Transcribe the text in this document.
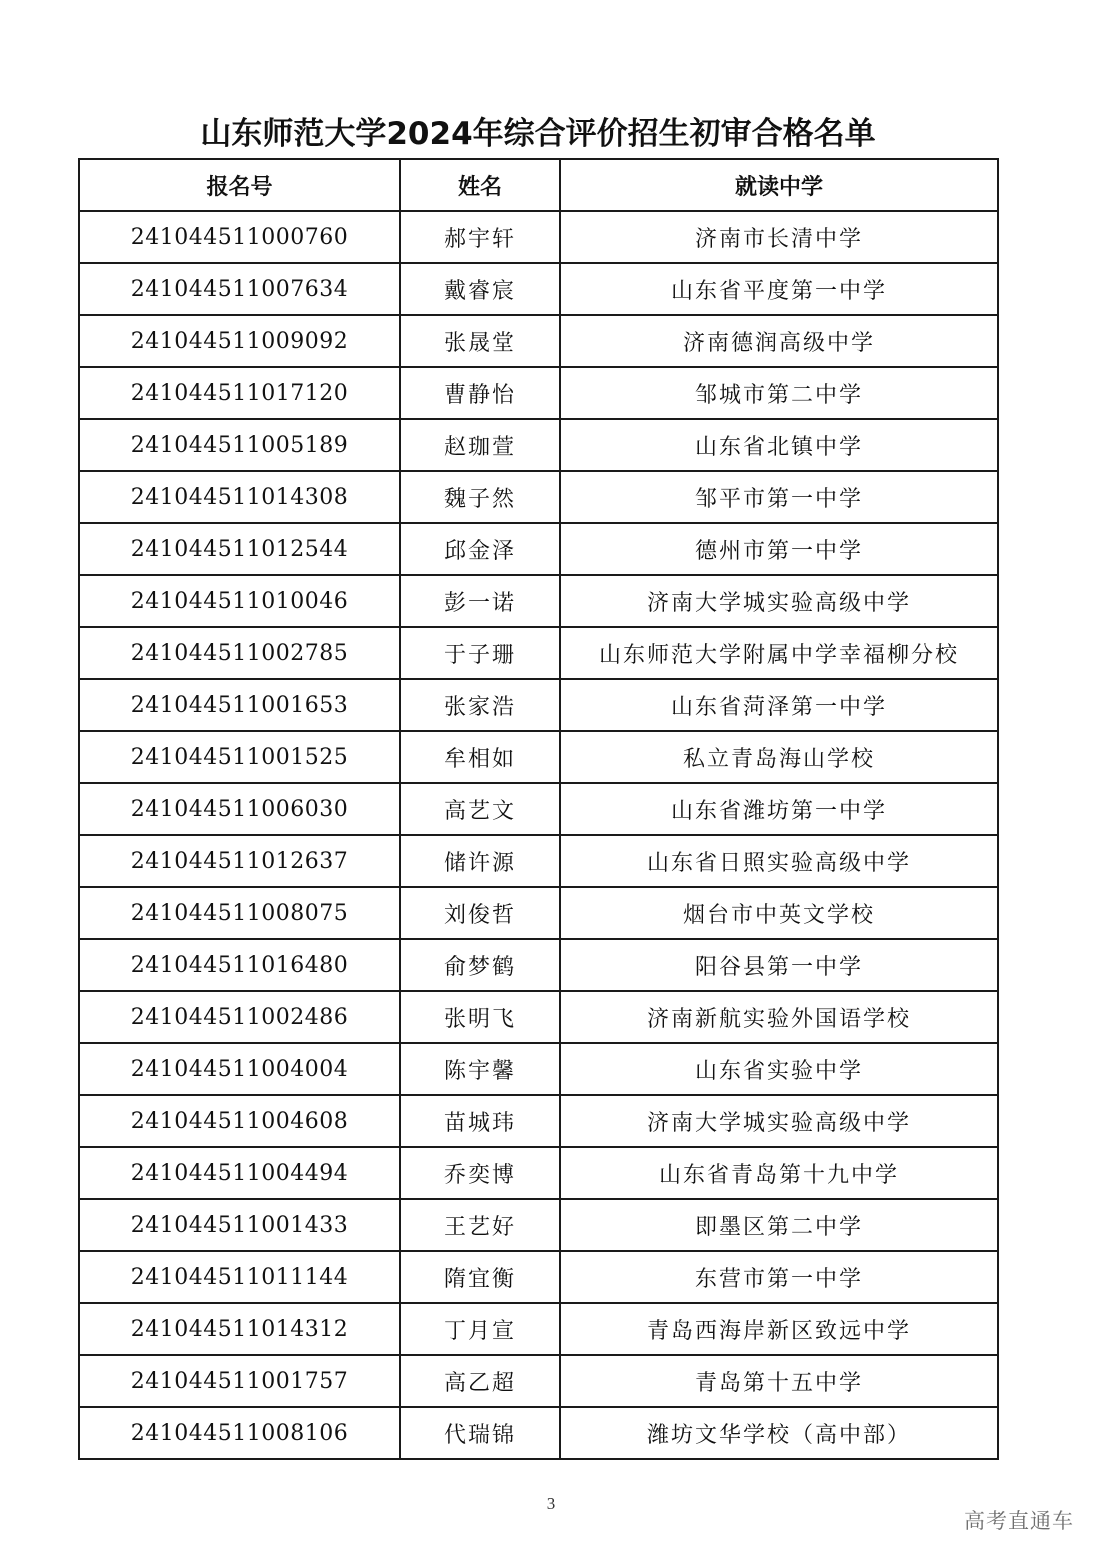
山东师范大学2024年综合评价招生初审合格名单
报名号	姓名	就读中学
241044511000760	郝宇轩	济南市长清中学
241044511007634	戴睿宸	山东省平度第一中学
241044511009092	张晟堂	济南德润高级中学
241044511017120	曹静怡	邹城市第二中学
241044511005189	赵珈萱	山东省北镇中学
241044511014308	魏子然	邹平市第一中学
241044511012544	邱金泽	德州市第一中学
241044511010046	彭一诺	济南大学城实验高级中学
241044511002785	于子珊	山东师范大学附属中学幸福柳分校
241044511001653	张家浩	山东省菏泽第一中学
241044511001525	牟相如	私立青岛海山学校
241044511006030	高艺文	山东省潍坊第一中学
241044511012637	储许源	山东省日照实验高级中学
241044511008075	刘俊哲	烟台市中英文学校
241044511016480	俞梦鹤	阳谷县第一中学
241044511002486	张明飞	济南新航实验外国语学校
241044511004004	陈宇馨	山东省实验中学
241044511004608	苗城玮	济南大学城实验高级中学
241044511004494	乔奕博	山东省青岛第十九中学
241044511001433	王艺好	即墨区第二中学
241044511011144	隋宜衡	东营市第一中学
241044511014312	丁月宣	青岛西海岸新区致远中学
241044511001757	高乙超	青岛第十五中学
241044511008106	代瑞锦	潍坊文华学校（高中部）
3
高考直通车
